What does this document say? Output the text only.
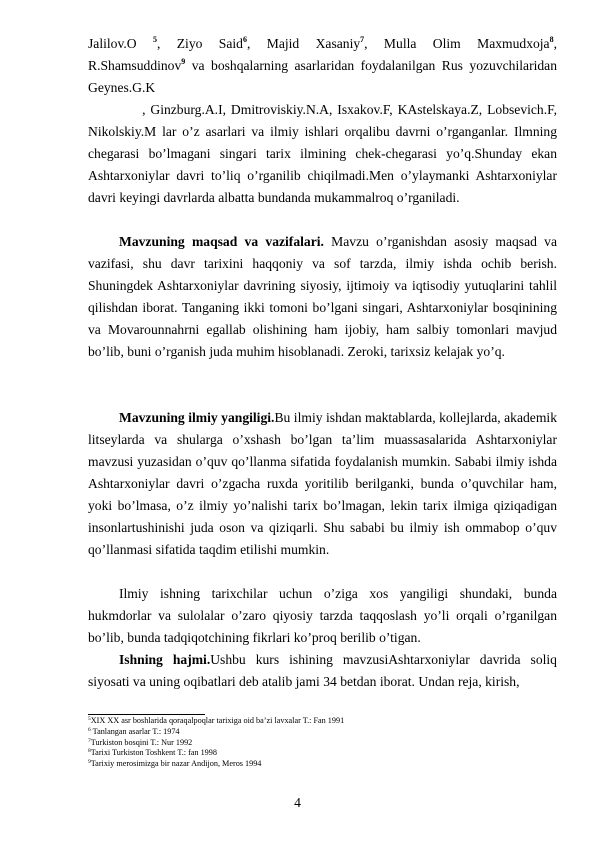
Jalilov.O $^5$, Ziyo Said$^6$, Majid Xasaniy$^7$, Mulla Olim Maxmudxoja$^8$,
R.Shamsuddinov$^9$ va boshqalarning asarlaridan foydalanilgan Rus yozuvchilaridan
Geynes.G.K

, Ginzburg.A.I, Dmitroviskiy.N.A, Isxakov.F, KAstelskaya.Z, Lobsevich.F, Nikolskiy.M lar o’z asarlari va ilmiy ishlari orqalibu davrni o’rganganlar. Ilmning chegarasi bo’lmagani singari tarix ilmining chek-chegarasi yo’q.Shunday ekan Ashtarxoniylar davri to’liq o’rganilib chiqilmadi.Men o’ylaymanki Ashtarxoniylar davri keyingi davrlarda albatta bundanda mukammalroq o’rganiladi.

Mavzuning maqsad va vazifalari. Mavzu o’rganishdan asosiy maqsad va vazifasi, shu davr tarixini haqqoniy va sof tarzda, ilmiy ishda ochib berish. Shuningdek Ashtarxoniylar davrining siyosiy, ijtimoiy va iqtisodiy yutuqlarini tahlil qilishdan iborat. Tanganing ikki tomoni bo’lgani singari, Ashtarxoniylar bosqinining va Movarounnahrni egallab olishining ham ijobiy, ham salbiy tomonlari mavjud bo’lib, buni o’rganish juda muhim hisoblanadi. Zeroki, tarixsiz kelajak yo’q.

Mavzuning ilmiy yangiligi.Bu ilmiy ishdan maktablarda, kollejlarda, akademik litseylarda va shularga o’xshash bo’lgan ta’lim muassasalarida Ashtarxoniylar mavzusi yuzasidan o’quv qo’llanma sifatida foydalanish mumkin. Sababi ilmiy ishda Ashtarxoniylar davri o’zgacha ruxda yoritilib berilganki, bunda o’quvchilar ham, yoki bo’lmasa, o’z ilmiy yo’nalishi tarix bo’lmagan, lekin tarix ilmiga qiziqadigan insonlartushinishi juda oson va qiziqarli. Shu sababi bu ilmiy ish ommabop o’quv qo’llanmasi sifatida taqdim etilishi mumkin.

Ilmiy ishning tarixchilar uchun o’ziga xos yangiligi shundaki, bunda hukmdorlar va sulolalar o’zaro qiyosiy tarzda taqqoslash yo’li orqali o’rganilgan bo’lib, bunda tadqiqotchining fikrlari ko’proq berilib o’tigan.

Ishning hajmi.Ushbu kurs ishining mavzusiAshtarxoniylar davrida soliq siyosati va uning oqibatlari deb atalib jami 34 betdan iborat. Undan reja, kirish,

$^5$XIX XX asr boshlarida qoraqalpoqlar tarixiga oid ba’zi lavxalar T.: Fan 1991
$^6$ Tanlangan asarlar T.: 1974
$^7$Turkiston bosqini T.: Nur 1992
$^8$Tarixi Turkiston Toshkent T.: fan 1998
$^9$Tarixiy merosimizga bir nazar Andijon, Meros 1994
4
